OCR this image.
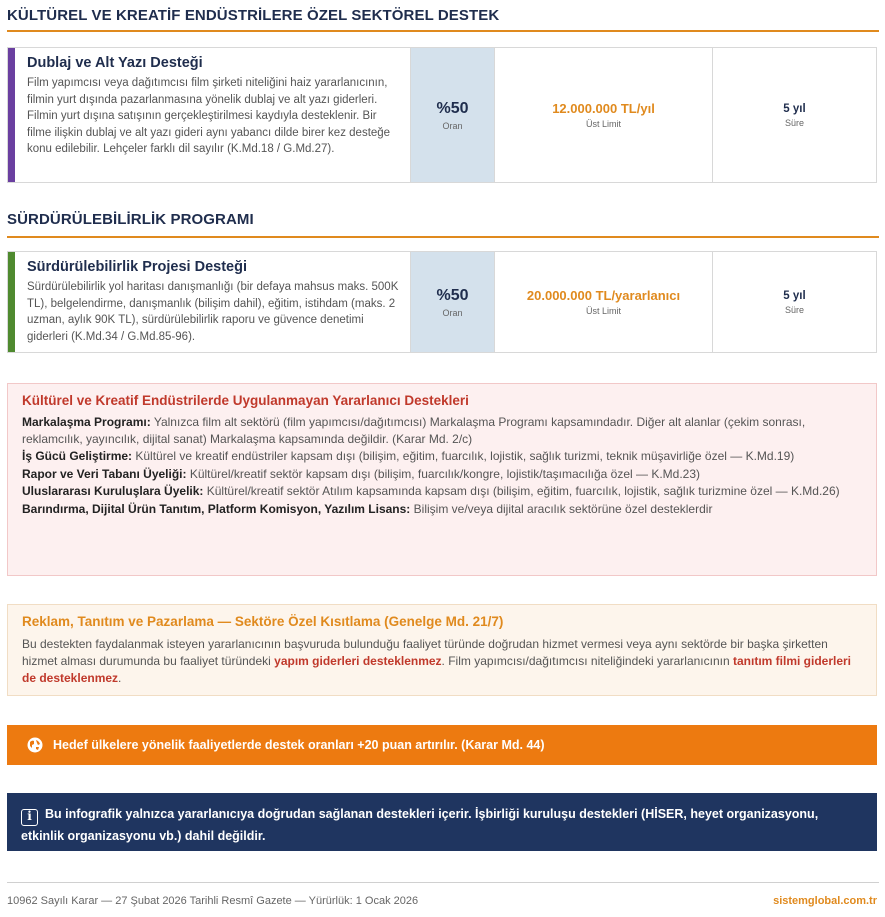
KÜLTÜREL VE KREATİF ENDÜSTRİLERE ÖZEL SEKTÖREL DESTEK
Dublaj ve Alt Yazı Desteği

Film yapımcısı veya dağıtımcısı film şirketi niteliğini haiz yararlanıcının, filmin yurt dışında pazarlanmasına yönelik dublaj ve alt yazı giderleri. Filmin yurt dışına satışının gerçekleştirilmesi kaydıyla desteklenir. Bir filme ilişkin dublaj ve alt yazı gideri aynı yabancı dilde birer kez desteğe konu edilebilir. Lehçeler farklı dil sayılır (K.Md.18 / G.Md.27).

%50
Oran
12.000.000 TL/yıl
Üst Limit
5 yıl
Süre
SÜRDÜRÜLEBİLİRLİK PROGRAMI
Sürdürülebilirlik Projesi Desteği

Sürdürülebilirlik yol haritası danışmanlığı (bir defaya mahsus maks. 500K TL), belgelendirme, danışmanlık (bilişim dahil), eğitim, istihdam (maks. 2 uzman, aylık 90K TL), sürdürülebilirlik raporu ve güvence denetimi giderleri (K.Md.34 / G.Md.85-96).

%50
Oran
20.000.000 TL/yararlanıcı
Üst Limit
5 yıl
Süre
Kültürel ve Kreatif Endüstrilerde Uygulanmayan Yararlanıcı Destekleri

Markalaşma Programı: Yalnızca film alt sektörü (film yapımcısı/dağıtımcısı) Markalaşma Programı kapsamındadır. Diğer alt alanlar (çekim sonrası, reklamcılık, yayıncılık, dijital sanat) Markalaşma kapsamında değildir. (Karar Md. 2/c)

İş Gücü Geliştirme: Kültürel ve kreatif endüstriler kapsam dışı (bilişim, eğitim, fuarcılık, lojistik, sağlık turizmi, teknik müşavirliğe özel — K.Md.19)

Rapor ve Veri Tabanı Üyeliği: Kültürel/kreatif sektör kapsam dışı (bilişim, fuarcılık/kongre, lojistik/taşımacılığa özel — K.Md.23)

Uluslararası Kuruluşlara Üyelik: Kültürel/kreatif sektör Atılım kapsamında kapsam dışı (bilişim, eğitim, fuarcılık, lojistik, sağlık turizmine özel — K.Md.26)

Barındırma, Dijital Ürün Tanıtım, Platform Komisyon, Yazılım Lisans: Bilişim ve/veya dijital aracılık sektörüne özel desteklerdir

Reklam, Tanıtım ve Pazarlama — Sektöre Özel Kısıtlama (Genelge Md. 21/7)

Bu destekten faydalanmak isteyen yararlanıcının başvuruda bulunduğu faaliyet türünde doğrudan hizmet vermesi veya aynı sektörde bir başka şirketten hizmet alması durumunda bu faaliyet türündeki yapım giderleri desteklenmez. Film yapımcısı/dağıtımcısı niteliğindeki yararlanıcının tanıtım filmi giderleri de desteklenmez.

Hedef ülkelere yönelik faaliyetlerde destek oranları +20 puan artırılır. (Karar Md. 44)
i Bu infografik yalnızca yararlanıcıya doğrudan sağlanan destekleri içerir. İşbirliği kuruluşu destekleri (HİSER, heyet organizasyonu, etkinlik organizasyonu vb.) dahil değildir.
10962 Sayılı Karar — 27 Şubat 2026 Tarihli Resmî Gazete — Yürürlük: 1 Ocak 2026	sistemglobal.com.tr
